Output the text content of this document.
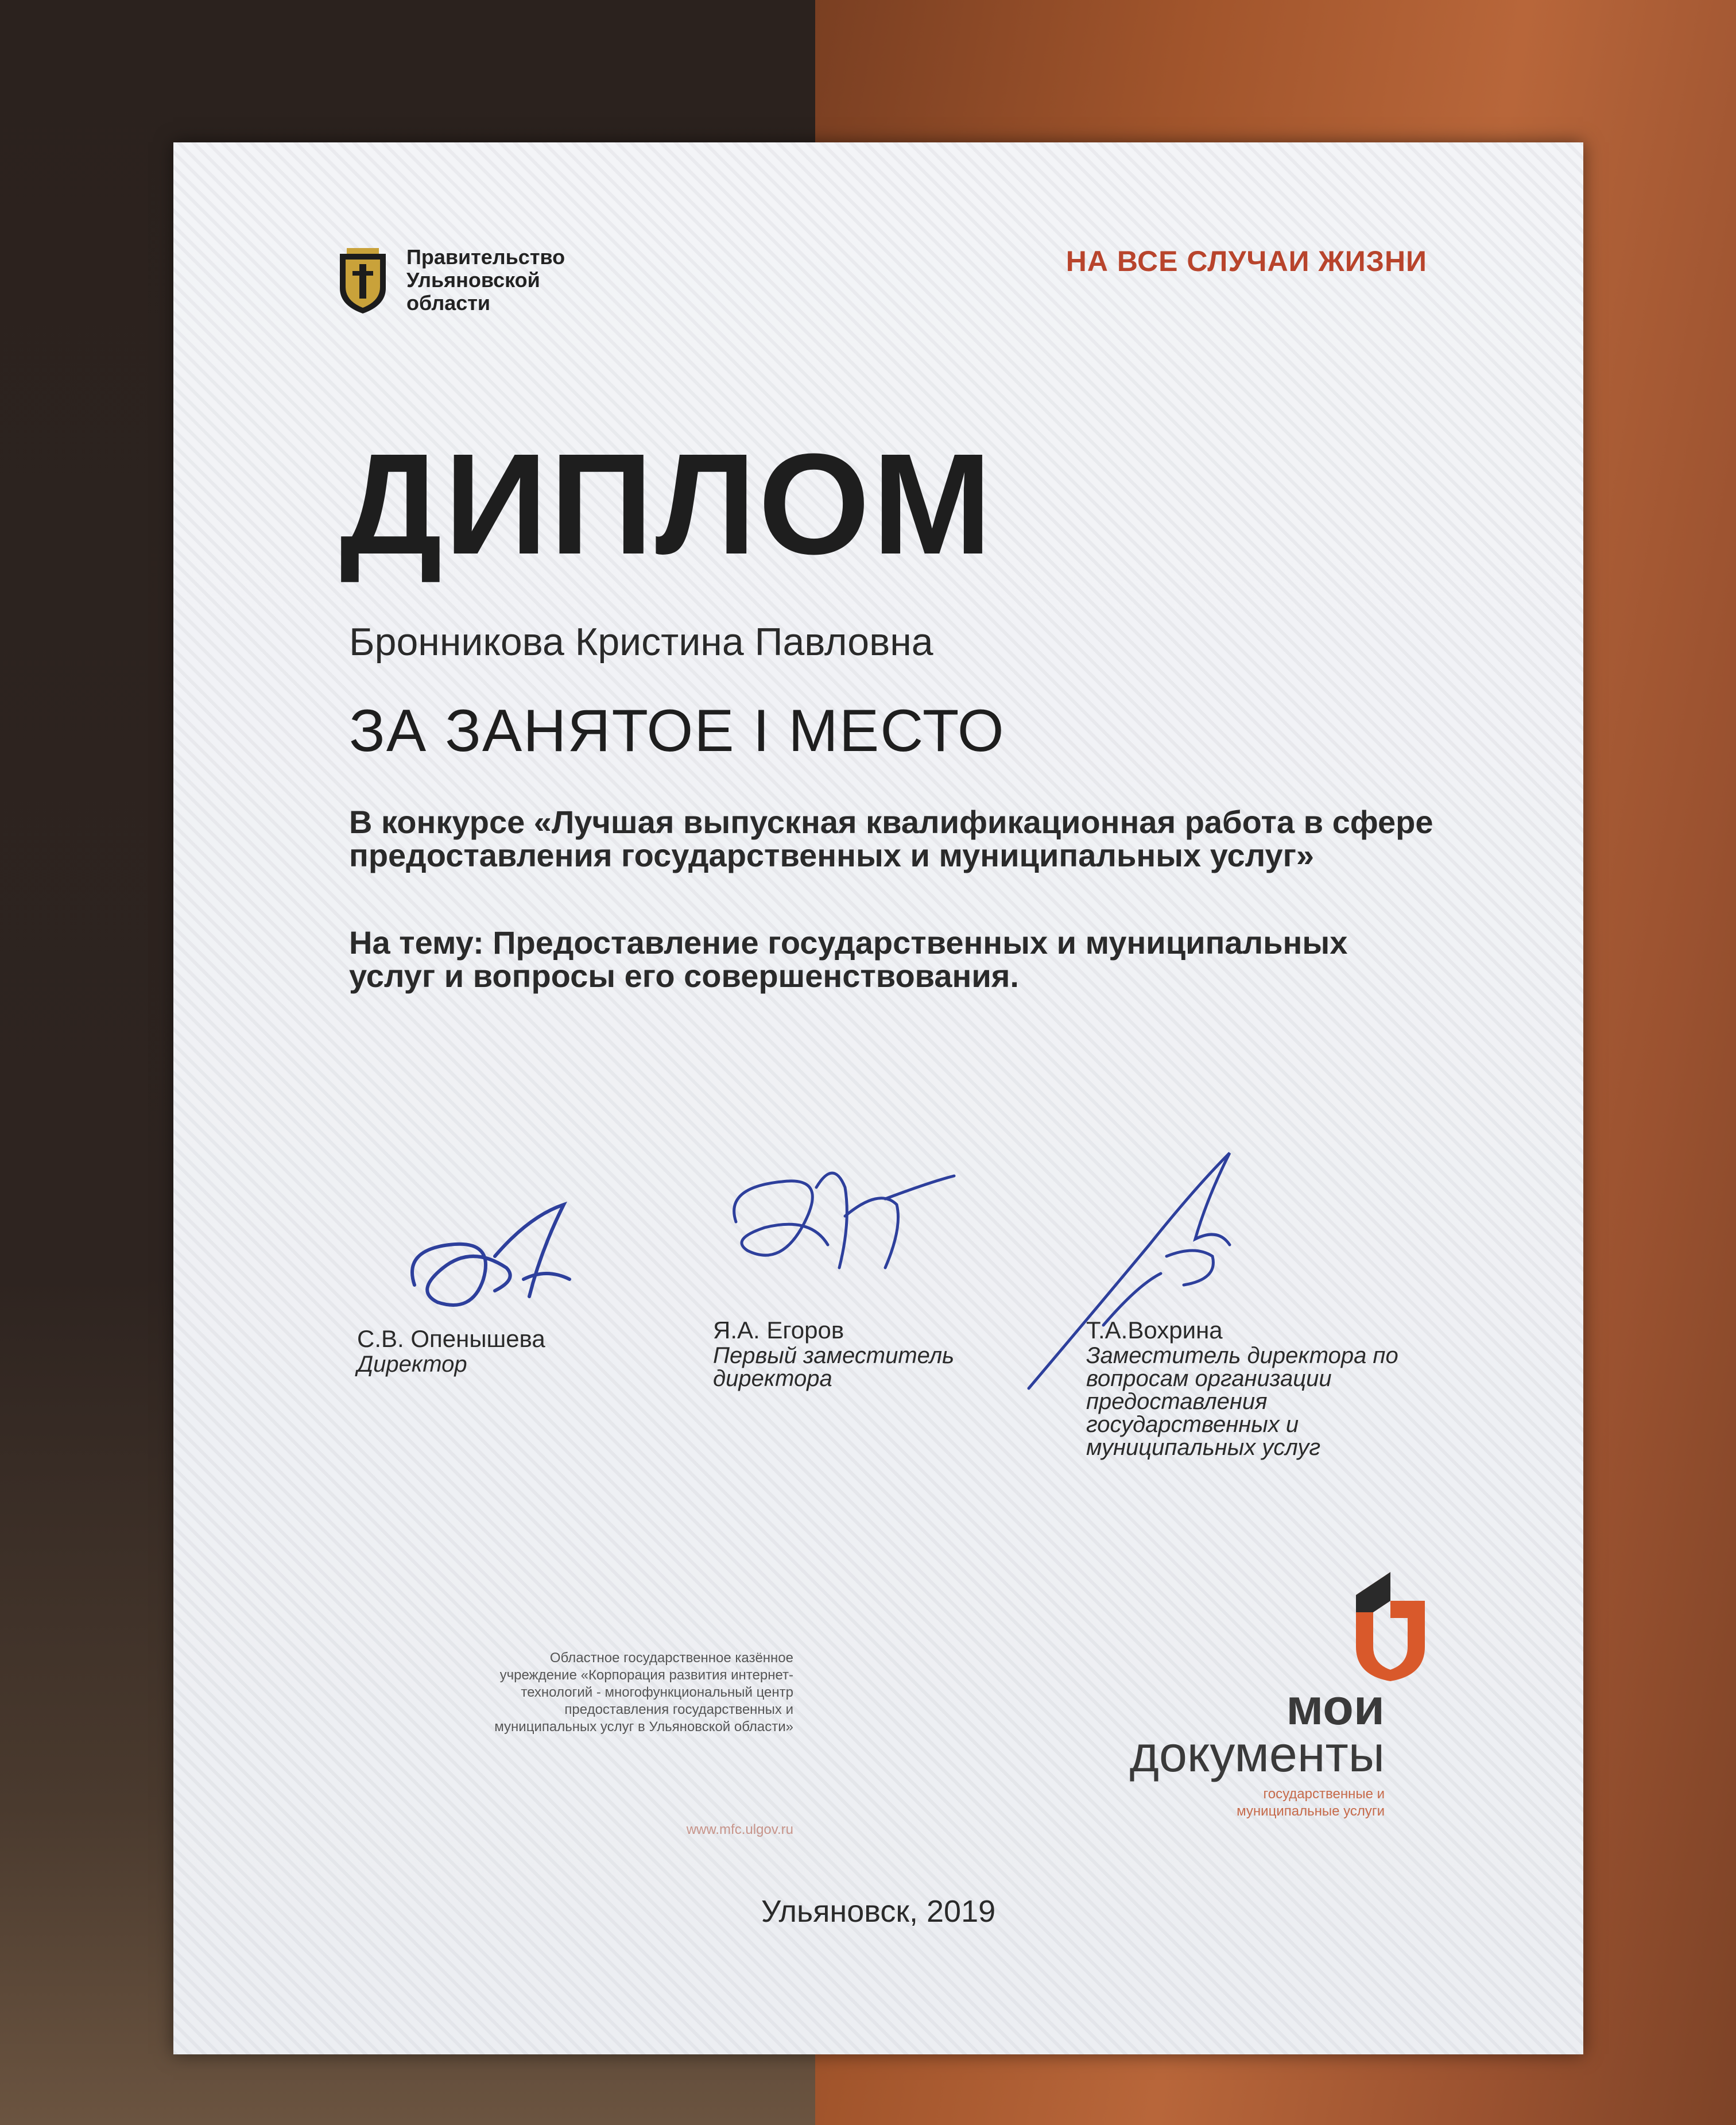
Правительство
Ульяновской
области
НА ВСЕ СЛУЧАИ ЖИЗНИ
ДИПЛОМ
Бронникова Кристина Павловна
ЗА ЗАНЯТОЕ I МЕСТО
В конкурсе «Лучшая выпускная квалификационная работа в сфере предоставления государственных и муниципальных услуг»
На тему: Предоставление государственных и муниципальных услуг и вопросы его совершенствования.
С.В. Опенышева
Директор
Я.А. Егоров
Первый заместитель директора
Т.А.Вохрина
Заместитель директора по вопросам организации предоставления государственных и муниципальных услуг
Областное государственное казённое учреждение «Корпорация развития интернет-технологий - многофункциональный центр предоставления государственных и муниципальных услуг в Ульяновской области»
www.mfc.ulgov.ru
мои
документы
государственные и муниципальные услуги
Ульяновск, 2019
